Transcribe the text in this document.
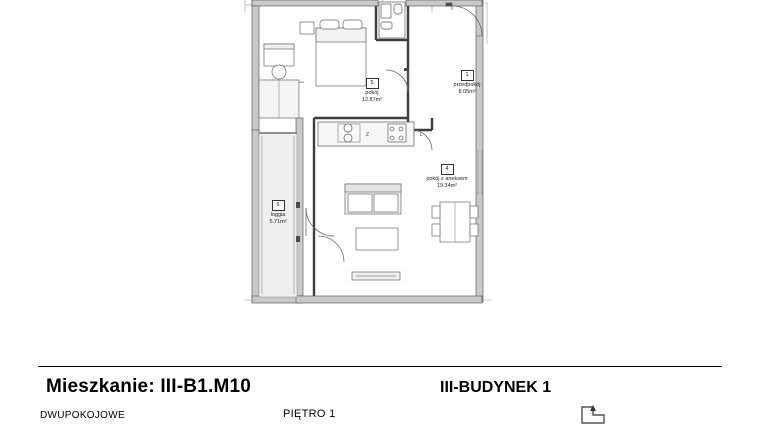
1
przedpokój
8.05m²
4
pokój z aneksem
19.34m²
5
pokój
12.87m²
6
loggia
5.71m²
Z	L
Mieszkanie: III-B1.M10	III-BUDYNEK 1
DWUPOKOJOWE	PIĘTRO 1
